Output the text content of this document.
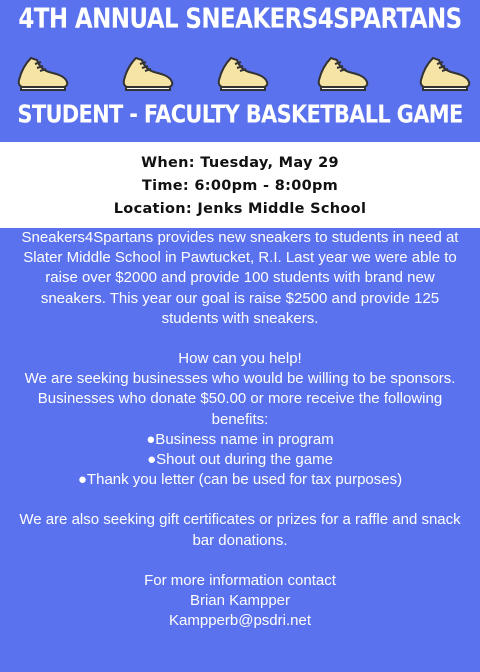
4TH ANNUAL SNEAKERS4SPARTANS
STUDENT - FACULTY BASKETBALL GAME
When: Tuesday, May 29
Time: 6:00pm - 8:00pm
Location: Jenks Middle School

Sneakers4Spartans provides new sneakers to students in need at

Slater Middle School in Pawtucket, R.I. Last year we were able to

raise over $2000 and provide 100 students with brand new

sneakers. This year our goal is raise $2500 and provide 125

students with sneakers.

How can you help!

We are seeking businesses who would be willing to be sponsors.

Businesses who donate $50.00 or more receive the following

benefits:

●Business name in program

●Shout out during the game

●Thank you letter (can be used for tax purposes)

We are also seeking gift certificates or prizes for a raffle and snack

bar donations.

For more information contact

Brian Kampper

Kampperb@psdri.net
